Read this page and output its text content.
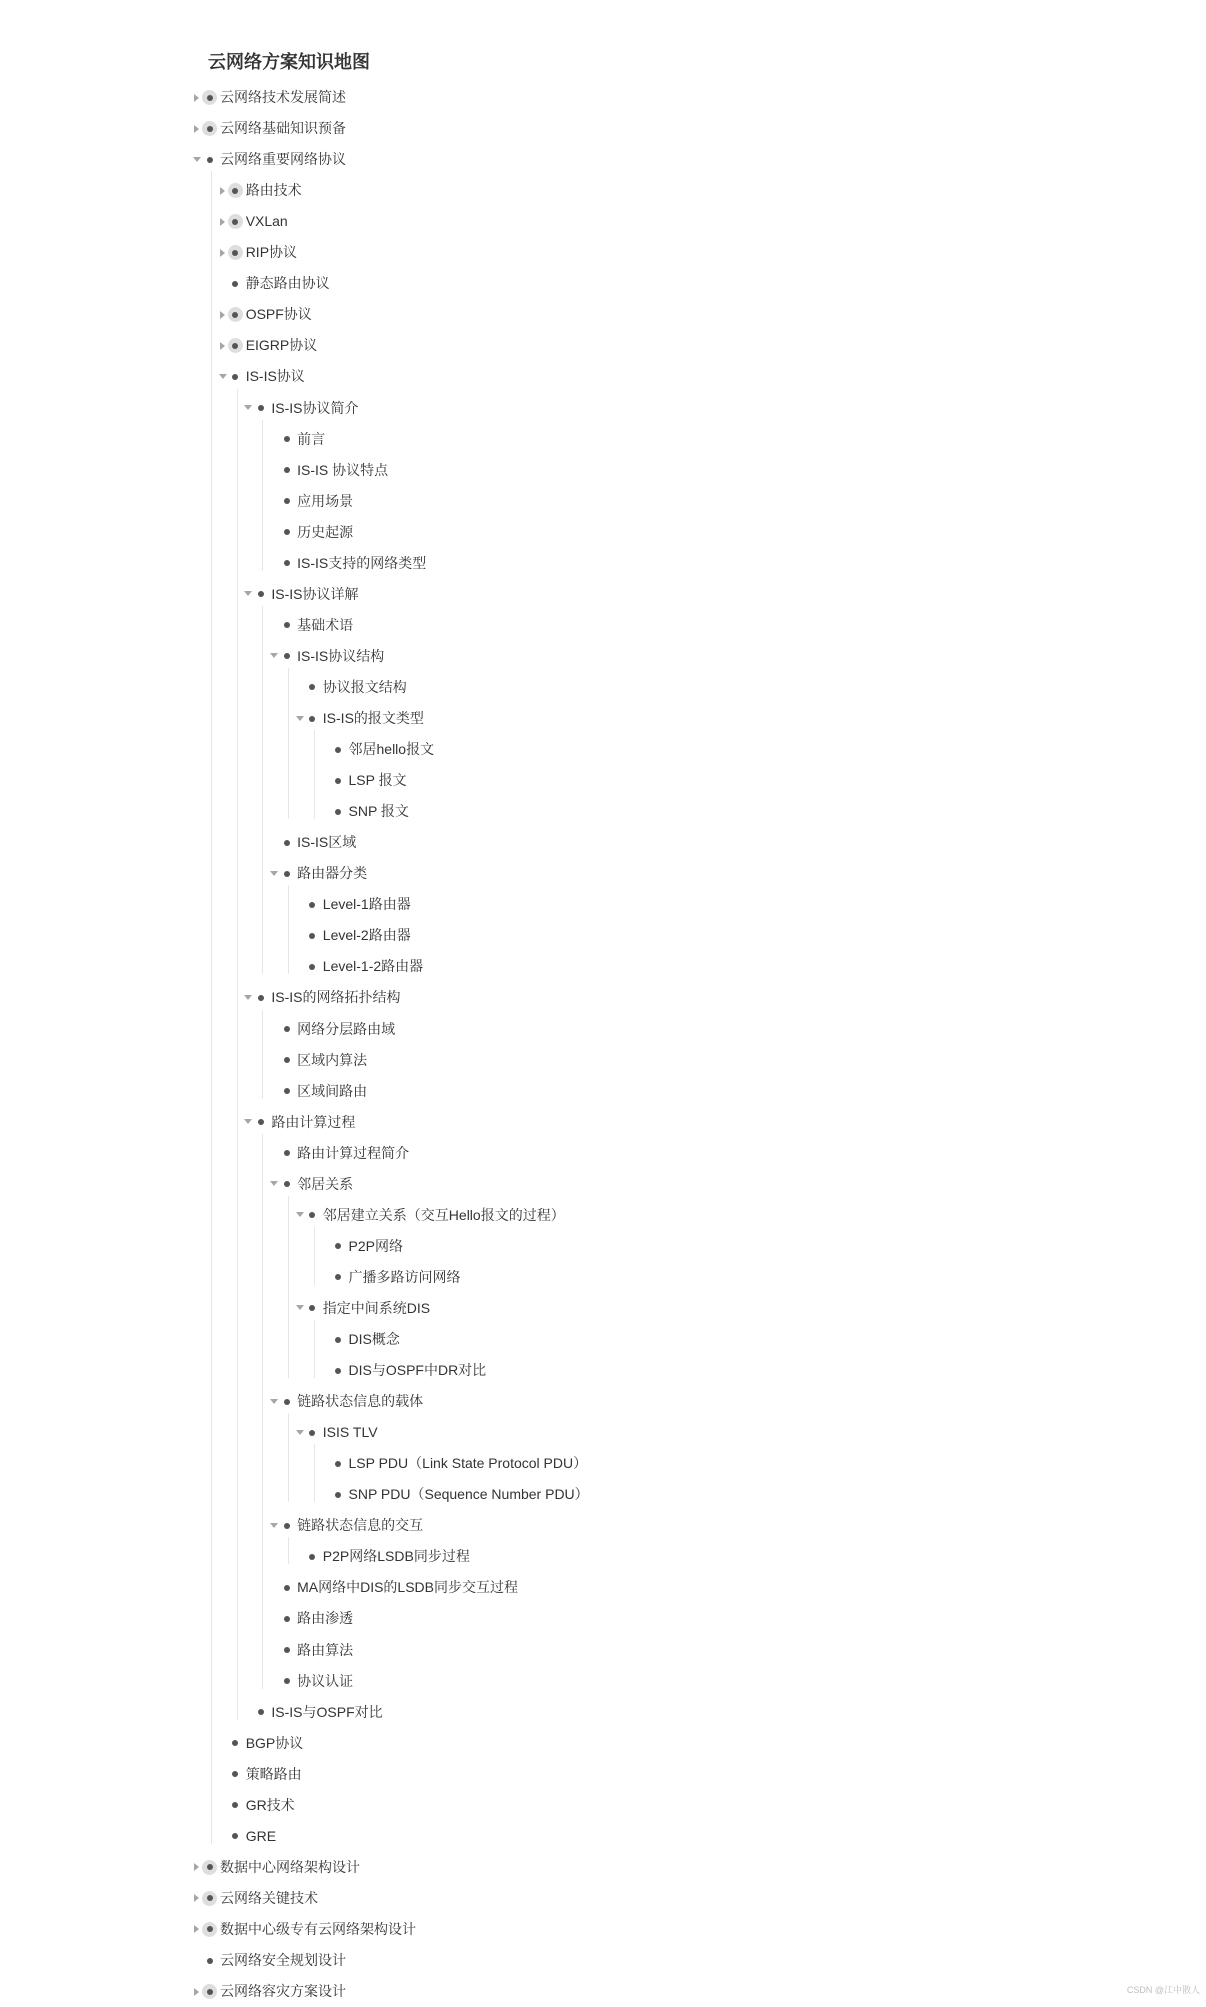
云网络方案知识地图
云网络技术发展简述
云网络基础知识预备
云网络重要网络协议
路由技术
VXLan
RIP协议
静态路由协议
OSPF协议
EIGRP协议
IS-IS协议
IS-IS协议简介
前言
IS-IS 协议特点
应用场景
历史起源
IS-IS支持的网络类型
IS-IS协议详解
基础术语
IS-IS协议结构
协议报文结构
IS-IS的报文类型
邻居hello报文
LSP 报文
SNP 报文
IS-IS区域
路由器分类
Level-1路由器
Level-2路由器
Level-1-2路由器
IS-IS的网络拓扑结构
网络分层路由域
区域内算法
区域间路由
路由计算过程
路由计算过程简介
邻居关系
邻居建立关系（交互Hello报文的过程）
P2P网络
广播多路访问网络
指定中间系统DIS
DIS概念
DIS与OSPF中DR对比
链路状态信息的载体
ISIS TLV
LSP PDU（Link State Protocol PDU）
SNP PDU（Sequence Number PDU）
链路状态信息的交互
P2P网络LSDB同步过程
MA网络中DIS的LSDB同步交互过程
路由渗透
路由算法
协议认证
IS-IS与OSPF对比
BGP协议
策略路由
GR技术
GRE
数据中心网络架构设计
云网络关键技术
数据中心级专有云网络架构设计
云网络安全规划设计
云网络容灾方案设计	CSDN @江中散人
